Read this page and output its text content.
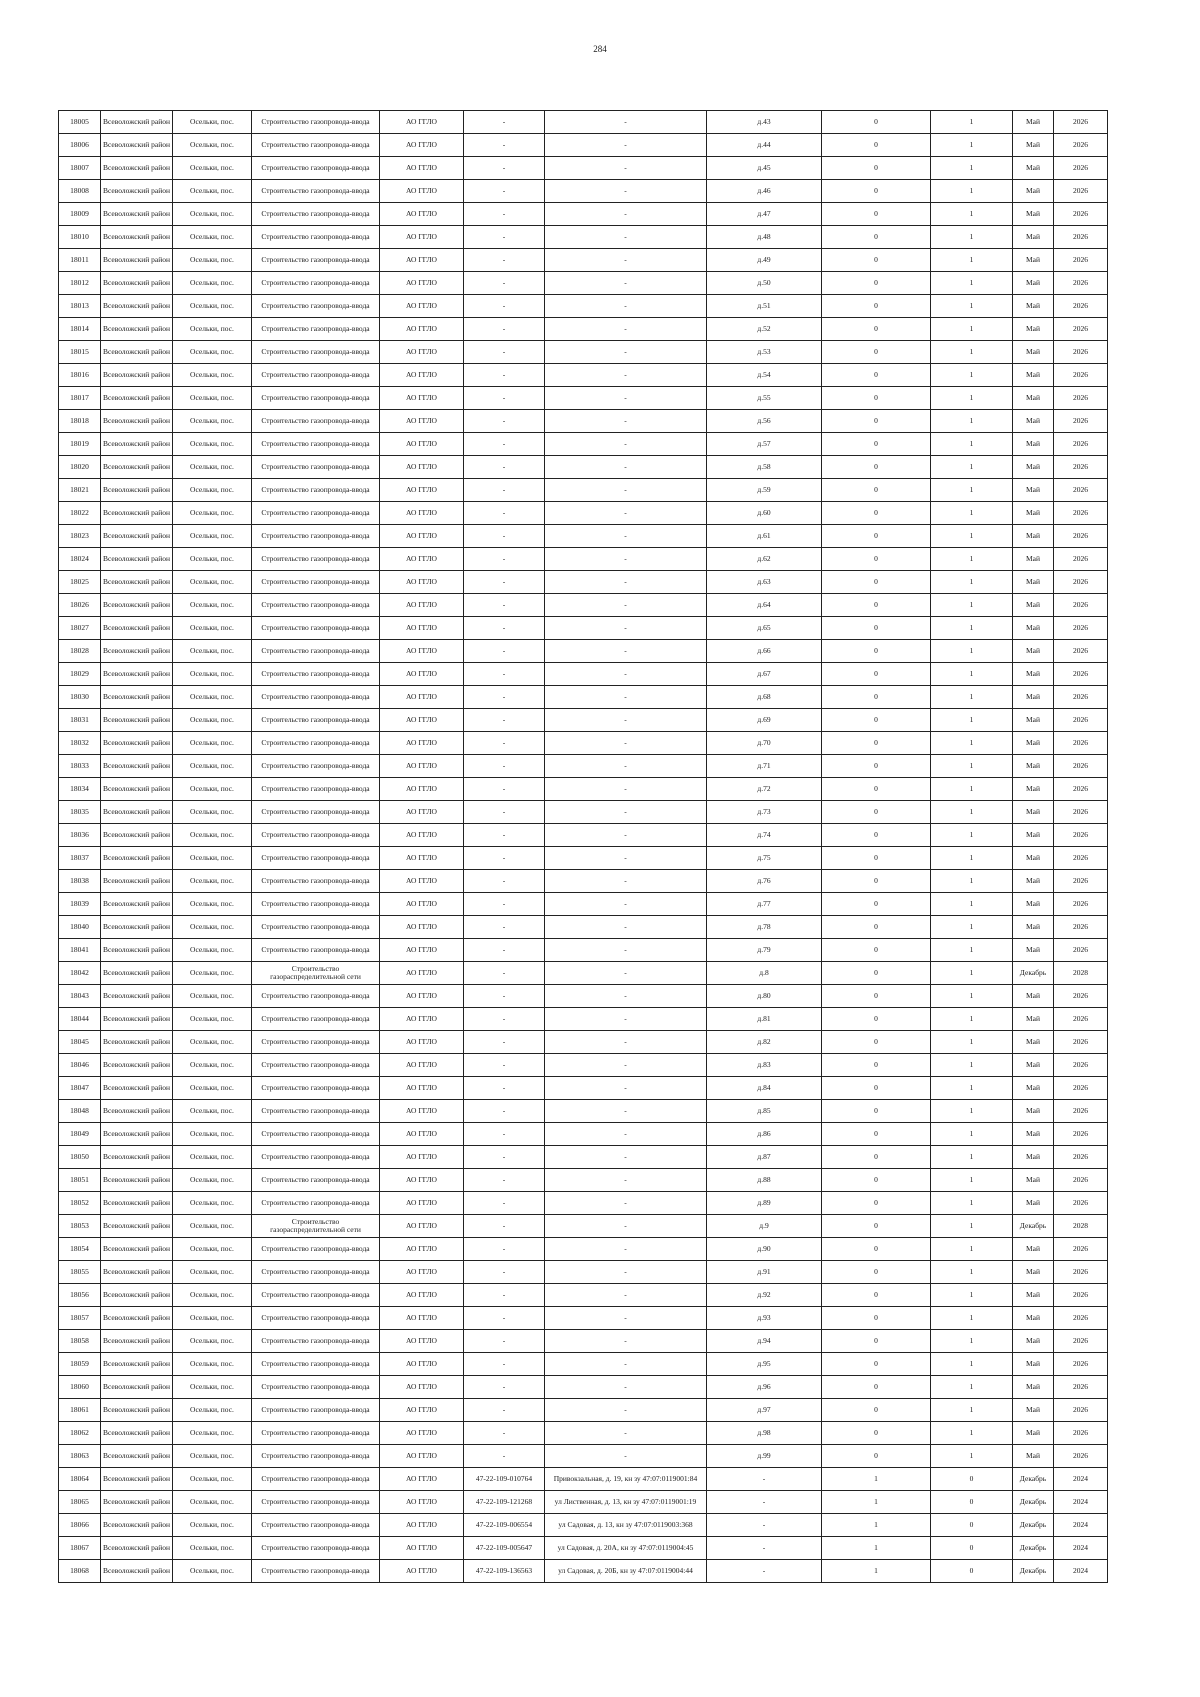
284
18005	Всеволожский район	Осельки, пос.	Строительство газопровода-ввода	АО ГГЛО	-	-	д.43	0	1	Май	2026
18006	Всеволожский район	Осельки, пос.	Строительство газопровода-ввода	АО ГГЛО	-	-	д.44	0	1	Май	2026
18007	Всеволожский район	Осельки, пос.	Строительство газопровода-ввода	АО ГГЛО	-	-	д.45	0	1	Май	2026
18008	Всеволожский район	Осельки, пос.	Строительство газопровода-ввода	АО ГГЛО	-	-	д.46	0	1	Май	2026
18009	Всеволожский район	Осельки, пос.	Строительство газопровода-ввода	АО ГГЛО	-	-	д.47	0	1	Май	2026
18010	Всеволожский район	Осельки, пос.	Строительство газопровода-ввода	АО ГГЛО	-	-	д.48	0	1	Май	2026
18011	Всеволожский район	Осельки, пос.	Строительство газопровода-ввода	АО ГГЛО	-	-	д.49	0	1	Май	2026
18012	Всеволожский район	Осельки, пос.	Строительство газопровода-ввода	АО ГГЛО	-	-	д.50	0	1	Май	2026
18013	Всеволожский район	Осельки, пос.	Строительство газопровода-ввода	АО ГГЛО	-	-	д.51	0	1	Май	2026
18014	Всеволожский район	Осельки, пос.	Строительство газопровода-ввода	АО ГГЛО	-	-	д.52	0	1	Май	2026
18015	Всеволожский район	Осельки, пос.	Строительство газопровода-ввода	АО ГГЛО	-	-	д.53	0	1	Май	2026
18016	Всеволожский район	Осельки, пос.	Строительство газопровода-ввода	АО ГГЛО	-	-	д.54	0	1	Май	2026
18017	Всеволожский район	Осельки, пос.	Строительство газопровода-ввода	АО ГГЛО	-	-	д.55	0	1	Май	2026
18018	Всеволожский район	Осельки, пос.	Строительство газопровода-ввода	АО ГГЛО	-	-	д.56	0	1	Май	2026
18019	Всеволожский район	Осельки, пос.	Строительство газопровода-ввода	АО ГГЛО	-	-	д.57	0	1	Май	2026
18020	Всеволожский район	Осельки, пос.	Строительство газопровода-ввода	АО ГГЛО	-	-	д.58	0	1	Май	2026
18021	Всеволожский район	Осельки, пос.	Строительство газопровода-ввода	АО ГГЛО	-	-	д.59	0	1	Май	2026
18022	Всеволожский район	Осельки, пос.	Строительство газопровода-ввода	АО ГГЛО	-	-	д.60	0	1	Май	2026
18023	Всеволожский район	Осельки, пос.	Строительство газопровода-ввода	АО ГГЛО	-	-	д.61	0	1	Май	2026
18024	Всеволожский район	Осельки, пос.	Строительство газопровода-ввода	АО ГГЛО	-	-	д.62	0	1	Май	2026
18025	Всеволожский район	Осельки, пос.	Строительство газопровода-ввода	АО ГГЛО	-	-	д.63	0	1	Май	2026
18026	Всеволожский район	Осельки, пос.	Строительство газопровода-ввода	АО ГГЛО	-	-	д.64	0	1	Май	2026
18027	Всеволожский район	Осельки, пос.	Строительство газопровода-ввода	АО ГГЛО	-	-	д.65	0	1	Май	2026
18028	Всеволожский район	Осельки, пос.	Строительство газопровода-ввода	АО ГГЛО	-	-	д.66	0	1	Май	2026
18029	Всеволожский район	Осельки, пос.	Строительство газопровода-ввода	АО ГГЛО	-	-	д.67	0	1	Май	2026
18030	Всеволожский район	Осельки, пос.	Строительство газопровода-ввода	АО ГГЛО	-	-	д.68	0	1	Май	2026
18031	Всеволожский район	Осельки, пос.	Строительство газопровода-ввода	АО ГГЛО	-	-	д.69	0	1	Май	2026
18032	Всеволожский район	Осельки, пос.	Строительство газопровода-ввода	АО ГГЛО	-	-	д.70	0	1	Май	2026
18033	Всеволожский район	Осельки, пос.	Строительство газопровода-ввода	АО ГГЛО	-	-	д.71	0	1	Май	2026
18034	Всеволожский район	Осельки, пос.	Строительство газопровода-ввода	АО ГГЛО	-	-	д.72	0	1	Май	2026
18035	Всеволожский район	Осельки, пос.	Строительство газопровода-ввода	АО ГГЛО	-	-	д.73	0	1	Май	2026
18036	Всеволожский район	Осельки, пос.	Строительство газопровода-ввода	АО ГГЛО	-	-	д.74	0	1	Май	2026
18037	Всеволожский район	Осельки, пос.	Строительство газопровода-ввода	АО ГГЛО	-	-	д.75	0	1	Май	2026
18038	Всеволожский район	Осельки, пос.	Строительство газопровода-ввода	АО ГГЛО	-	-	д.76	0	1	Май	2026
18039	Всеволожский район	Осельки, пос.	Строительство газопровода-ввода	АО ГГЛО	-	-	д.77	0	1	Май	2026
18040	Всеволожский район	Осельки, пос.	Строительство газопровода-ввода	АО ГГЛО	-	-	д.78	0	1	Май	2026
18041	Всеволожский район	Осельки, пос.	Строительство газопровода-ввода	АО ГГЛО	-	-	д.79	0	1	Май	2026
18042	Всеволожский район	Осельки, пос.	Строительство газораспределительной сети	АО ГГЛО	-	-	д.8	0	1	Декабрь	2028
18043	Всеволожский район	Осельки, пос.	Строительство газопровода-ввода	АО ГГЛО	-	-	д.80	0	1	Май	2026
18044	Всеволожский район	Осельки, пос.	Строительство газопровода-ввода	АО ГГЛО	-	-	д.81	0	1	Май	2026
18045	Всеволожский район	Осельки, пос.	Строительство газопровода-ввода	АО ГГЛО	-	-	д.82	0	1	Май	2026
18046	Всеволожский район	Осельки, пос.	Строительство газопровода-ввода	АО ГГЛО	-	-	д.83	0	1	Май	2026
18047	Всеволожский район	Осельки, пос.	Строительство газопровода-ввода	АО ГГЛО	-	-	д.84	0	1	Май	2026
18048	Всеволожский район	Осельки, пос.	Строительство газопровода-ввода	АО ГГЛО	-	-	д.85	0	1	Май	2026
18049	Всеволожский район	Осельки, пос.	Строительство газопровода-ввода	АО ГГЛО	-	-	д.86	0	1	Май	2026
18050	Всеволожский район	Осельки, пос.	Строительство газопровода-ввода	АО ГГЛО	-	-	д.87	0	1	Май	2026
18051	Всеволожский район	Осельки, пос.	Строительство газопровода-ввода	АО ГГЛО	-	-	д.88	0	1	Май	2026
18052	Всеволожский район	Осельки, пос.	Строительство газопровода-ввода	АО ГГЛО	-	-	д.89	0	1	Май	2026
18053	Всеволожский район	Осельки, пос.	Строительство газораспределительной сети	АО ГГЛО	-	-	д.9	0	1	Декабрь	2028
18054	Всеволожский район	Осельки, пос.	Строительство газопровода-ввода	АО ГГЛО	-	-	д.90	0	1	Май	2026
18055	Всеволожский район	Осельки, пос.	Строительство газопровода-ввода	АО ГГЛО	-	-	д.91	0	1	Май	2026
18056	Всеволожский район	Осельки, пос.	Строительство газопровода-ввода	АО ГГЛО	-	-	д.92	0	1	Май	2026
18057	Всеволожский район	Осельки, пос.	Строительство газопровода-ввода	АО ГГЛО	-	-	д.93	0	1	Май	2026
18058	Всеволожский район	Осельки, пос.	Строительство газопровода-ввода	АО ГГЛО	-	-	д.94	0	1	Май	2026
18059	Всеволожский район	Осельки, пос.	Строительство газопровода-ввода	АО ГГЛО	-	-	д.95	0	1	Май	2026
18060	Всеволожский район	Осельки, пос.	Строительство газопровода-ввода	АО ГГЛО	-	-	д.96	0	1	Май	2026
18061	Всеволожский район	Осельки, пос.	Строительство газопровода-ввода	АО ГГЛО	-	-	д.97	0	1	Май	2026
18062	Всеволожский район	Осельки, пос.	Строительство газопровода-ввода	АО ГГЛО	-	-	д.98	0	1	Май	2026
18063	Всеволожский район	Осельки, пос.	Строительство газопровода-ввода	АО ГГЛО	-	-	д.99	0	1	Май	2026
18064	Всеволожский район	Осельки, пос.	Строительство газопровода-ввода	АО ГГЛО	47-22-109-010764	Привокзальная, д. 19, кн зу 47:07:0119001:84	-	1	0	Декабрь	2024
18065	Всеволожский район	Осельки, пос.	Строительство газопровода-ввода	АО ГГЛО	47-22-109-121268	ул Лиственная, д. 13, кн зу 47:07:0119001:19	-	1	0	Декабрь	2024
18066	Всеволожский район	Осельки, пос.	Строительство газопровода-ввода	АО ГГЛО	47-22-109-006554	ул Садовая, д. 13, кн зу 47:07:0119003:368	-	1	0	Декабрь	2024
18067	Всеволожский район	Осельки, пос.	Строительство газопровода-ввода	АО ГГЛО	47-22-109-005647	ул Садовая, д. 20А, кн зу 47:07:0119004:45	-	1	0	Декабрь	2024
18068	Всеволожский район	Осельки, пос.	Строительство газопровода-ввода	АО ГГЛО	47-22-109-136563	ул Садовая, д. 20Б, кн зу 47:07:0119004:44	-	1	0	Декабрь	2024
